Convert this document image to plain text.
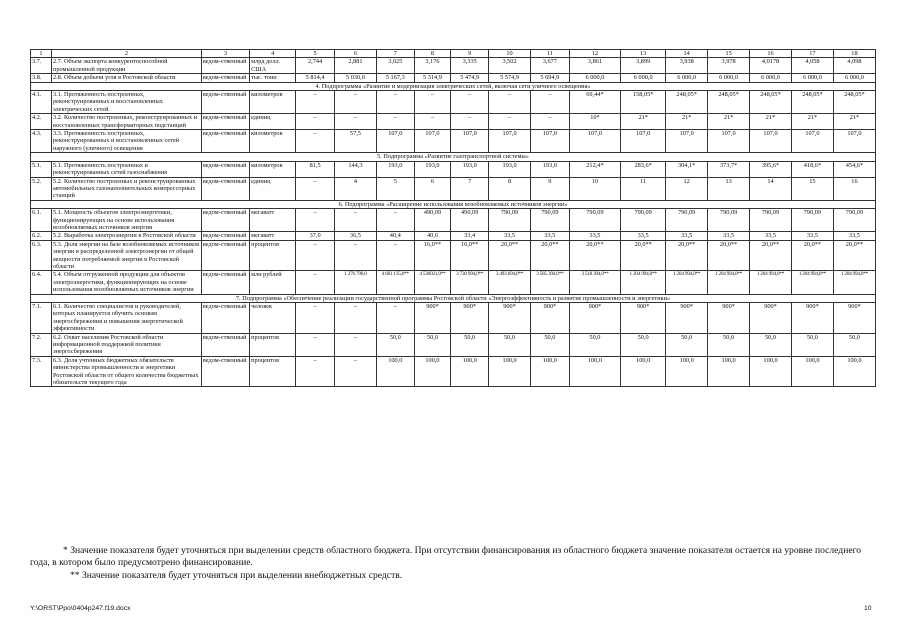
1	2	3	4	5	6	7	8	9	10	11	12	13	14	15	16	17	18
3.7.	2.7. Объем экспорта конкурентоспособной промышленной продукции	ведом-ственный	млрд долл. США	2,744	2,881	3,025	3,176	3,335	3,502	3,677	3,861	3,899	3,938	3,978	4,0178	4,058	4,098
3.8.	2.8. Объем добычи угля в Ростовской области	ведом-ственный	тыс. тонн	5 814,4	5 030,0	5 167,3	5 314,9	5 474,9	5 574,9	5 694,9	6 000,0	6 000,0	6 000,0	6 000,0	6 000,0	6 000,0	6 000,0
4. Подпрограмма «Развитие и модернизация электрических сетей, включая сети уличного освещения»																	
4.1.	3.1. Протяженность построенных, реконструированных и восстановленных электрических сетей	ведом-ственный	километров	–	–	–	–	–	–	–	69,44*	158,05*	248,05*	248,05*	248,05*	248,05*	248,05*
4.2.	3.2. Количество построенных, реконструированных и восстановленных трансформаторных подстанций	ведом-ственный	единиц	–	–	–	–	–	–	–	10*	21*	21*	21*	21*	21*	21*
4.3.	3.3. Протяженность построенных, реконструированных и восстановленных сетей наружного (уличного) освещения	ведом-ственный	километров	–	57,5	107,0	107,0	107,0	107,0	107,0	107,0	107,0	107,0	107,0	107,0	107,0	107,0
5. Подпрограмма «Развитие газотранспортной системы»																	
5.1.	5.1. Протяженность построенных и реконструированных сетей газоснабжения	ведом-ственный	километров	81,5	144,3	193,0	193,0	193,0	193,0	193,0	212,4*	283,6*	304,1*	373,7*	395,6*	418,6*	454,6*
5.2.	5.2. Количество построенных и реконструированных автомобильных газонаполнительных компрессорных станций	ведом-ственный	единиц	–	4	5	6	7	8	9	10	11	12	13	14	15	16
6. Подпрограмма «Расширение использования возобновляемых источников энергии»																	
6.1.	5.1. Мощность объектов электроэнергетики, функционирующих на основе использования возобновляемых источников энергии	ведом-ственный	мегаватт	–	–	–	490,09	490,09	790,09	790,09	790,09	790,09	790,09	790,09	790,09	790,09	790,09
6.2.	5.2. Выработка электроэнергии в Ростовской области	ведом-ственный	мегаватт	37,0	36,5	40,4	40,6	33,4	33,5	33,5	33,5	33,5	33,5	33,5	33,5	33,5	33,5
6.3.	5.3. Доля энергии на базе возобновляемых источников энергии в распределенной электроэнергии от общей мощности потребляемой энергии в Ростовской области	ведом-ственный	процентов	–	–	–	16,0**	16,0**	20,0**	20,0**	20,0**	20,0**	20,0**	20,0**	20,0**	20,0**	20,0**
6.4.	5.4. Объем отгруженной продукции для объектов электроэнергетики, функционирующих на основе использования возобновляемых источников энергии	ведом-ственный	млн рублей	–	1 276 796,0	4 681 135,0**	4 536021,0**	3 730 994,0**	3 493 694,0**	3 585 394,0**	3 518 394,0**	1 204 994,0**	1 204 994,0**	1 204 994,0**	1 204 994,0**	1 204 994,0**	1 204 994,0**
7. Подпрограмма «Обеспечение реализации государственной программы Ростовской области «Энергоэффективность и развитие промышленности и энергетики»																	
7.1.	6.1. Количество специалистов и руководителей, которых планируется обучить основам энергосбережения и повышения энергетической эффективности	ведом-ственный	человек	–	–	–	900*	900*	900*	900*	900*	900*	900*	900*	900*	900*	900*
7.2.	6.2. Охват населения Ростовской области информационной поддержкой политики энергосбережения	ведом-ственный	процентов	–	–	50,0	50,0	50,0	50,0	50,0	50,0	50,0	50,0	50,0	50,0	50,0	50,0
7.3.	6.3. Доля учтенных бюджетных обязательств министерства промышленности и энергетики Ростовской области от общего количества бюджетных обязательств текущего года	ведом-ственный	процентов	–	–	100,0	100,0	100,0	100,0	100,0	100,0	100,0	100,0	100,0	100,0	100,0	100,0
* Значение показателя будет уточняться при выделении средств областного бюджета. При отсутствии финансирования из областного бюджета значение показателя остается на уровне последнего года, в котором было предусмотрено финансирование.
** Значение показателя будет уточняться при выделении внебюджетных средств.
Y:\ORST\Ppo\0404p247.f19.docx	10
